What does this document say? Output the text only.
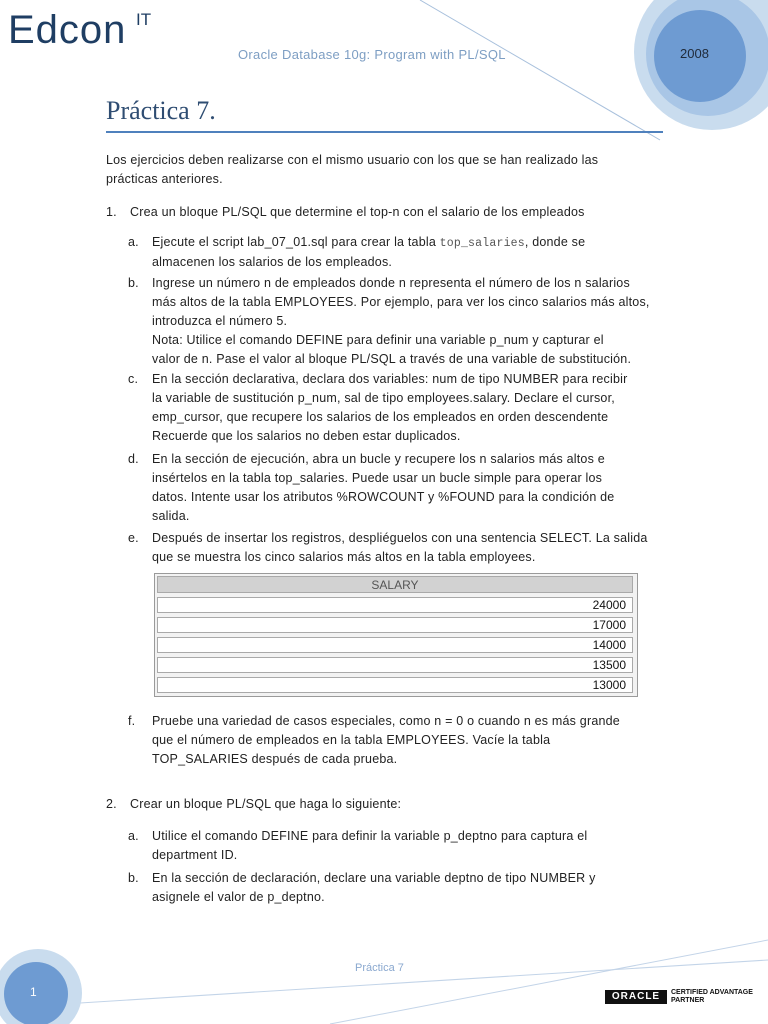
Edcon IT
Oracle Database 10g: Program with PL/SQL	2008
Práctica 7.
Los ejercicios deben realizarse con el mismo usuario con los que se han realizado las
prácticas anteriores.
1. Crea un bloque PL/SQL que determine el top-n con el salario de los empleados
a. Ejecute el script lab_07_01.sql para crear la tabla top_salaries, donde se
almacenen los salarios de los empleados.
b. Ingrese un número n de empleados donde n representa el número de los n salarios
más altos de la tabla EMPLOYEES. Por ejemplo, para ver los cinco salarios más altos,
introduzca el número 5.
Nota: Utilice el comando DEFINE para definir una variable p_num y capturar el
valor de n. Pase el valor al bloque PL/SQL a través de una variable de substitución.
c. En la sección declarativa, declara dos variables: num de tipo NUMBER para recibir
la variable de sustitución p_num, sal de tipo employees.salary. Declare el cursor,
emp_cursor, que recupere los salarios de los empleados en orden descendente
Recuerde que los salarios no deben estar duplicados.
d. En la sección de ejecución, abra un bucle y recupere los n salarios más altos e
insértelos en la tabla top_salaries. Puede usar un bucle simple para operar los
datos. Intente usar los atributos %ROWCOUNT y %FOUND para la condición de
salida.
e. Después de insertar los registros, despliéguelos con una sentencia SELECT. La salida
que se muestra los cinco salarios más altos en la tabla employees.
SALARY
24000
17000
14000
13500
13000
f. Pruebe una variedad de casos especiales, como n = 0 o cuando n es más grande
que el número de empleados en la tabla EMPLOYEES. Vacíe la tabla
TOP_SALARIES después de cada prueba.
2. Crear un bloque PL/SQL que haga lo siguiente:
a. Utilice el comando DEFINE para definir la variable p_deptno para captura el
department ID.
b. En la sección de declaración, declare una variable deptno de tipo NUMBER y
asignele el valor de p_deptno.
Práctica 7
1	ORACLE	CERTIFIED ADVANTAGE
PARTNER
